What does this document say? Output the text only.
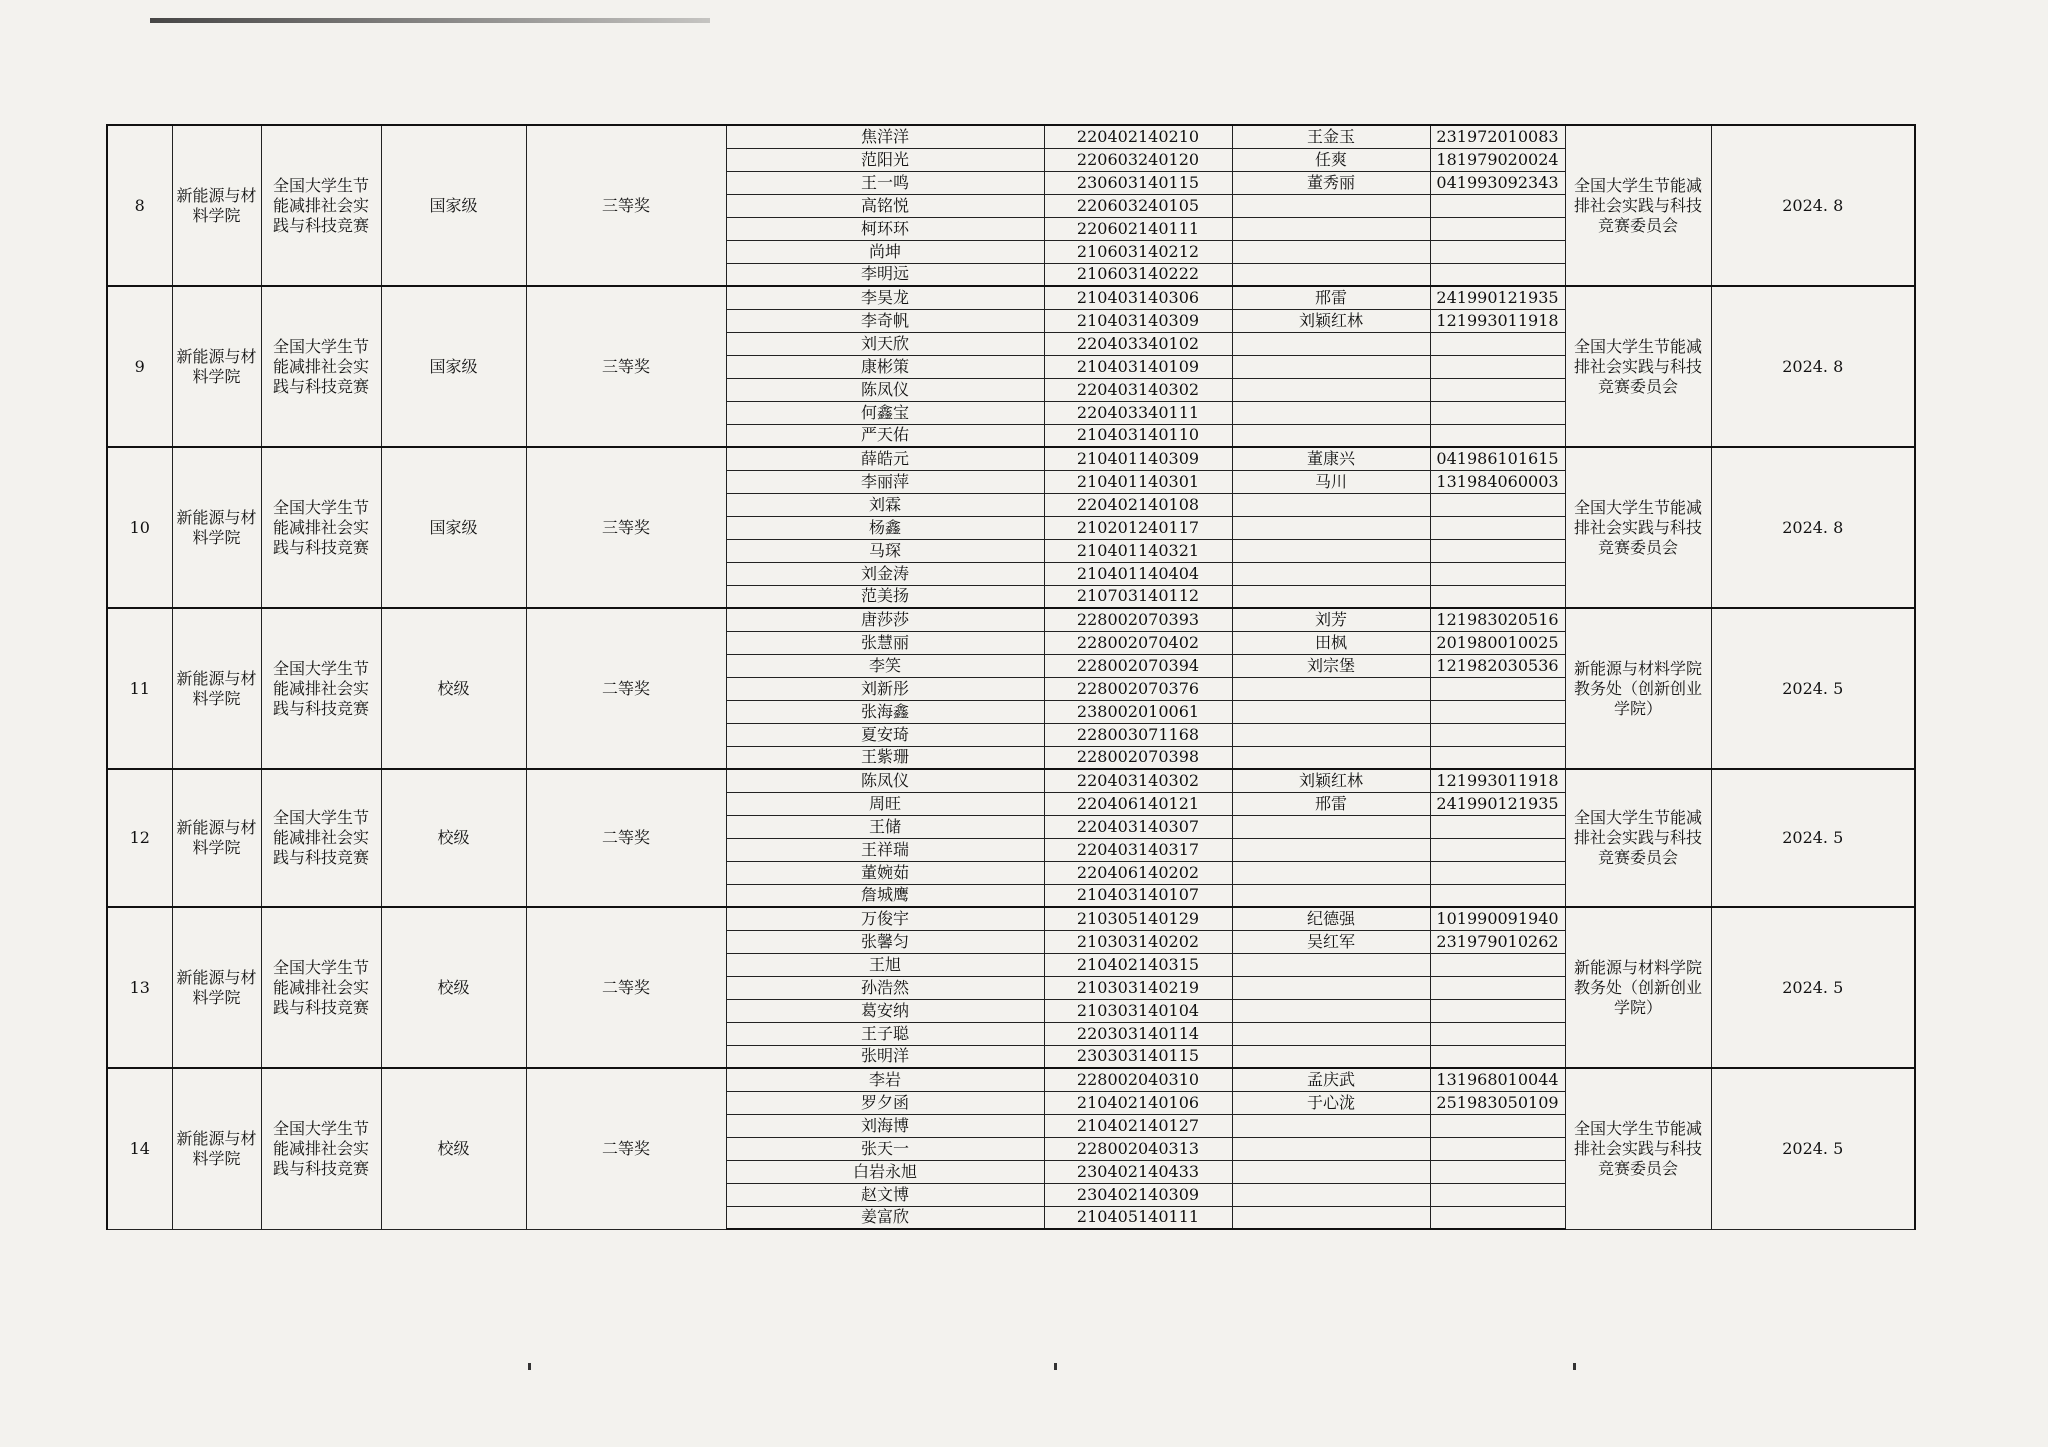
8	新能源与材料学院	全国大学生节能减排社会实践与科技竞赛	国家级	三等奖	焦洋洋	220402140210	王金玉	231972010083	全国大学生节能减排社会实践与科技竞赛委员会	2024. 8
					范阳光	220603240120	任爽	181979020024		
					王一鸣	230603140115	董秀丽	041993092343		
					高铭悦	220603240105				
					柯环环	220602140111				
					尚坤	210603140212				
					李明远	210603140222				
9	新能源与材料学院	全国大学生节能减排社会实践与科技竞赛	国家级	三等奖	李昊龙	210403140306	邢雷	241990121935	全国大学生节能减排社会实践与科技竞赛委员会	2024. 8
					李奇帆	210403140309	刘颖红林	121993011918		
					刘天欣	220403340102				
					康彬策	210403140109				
					陈凤仪	220403140302				
					何鑫宝	220403340111				
					严天佑	210403140110				
10	新能源与材料学院	全国大学生节能减排社会实践与科技竞赛	国家级	三等奖	薛皓元	210401140309	董康兴	041986101615	全国大学生节能减排社会实践与科技竞赛委员会	2024. 8
					李丽萍	210401140301	马川	131984060003		
					刘霖	220402140108				
					杨鑫	210201240117				
					马琛	210401140321				
					刘金涛	210401140404				
					范美扬	210703140112				
11	新能源与材料学院	全国大学生节能减排社会实践与科技竞赛	校级	二等奖	唐莎莎	228002070393	刘芳	121983020516	新能源与材料学院教务处（创新创业学院）	2024. 5
					张慧丽	228002070402	田枫	201980010025		
					李笑	228002070394	刘宗堡	121982030536		
					刘新彤	228002070376				
					张海鑫	238002010061				
					夏安琦	228003071168				
					王紫珊	228002070398				
12	新能源与材料学院	全国大学生节能减排社会实践与科技竞赛	校级	二等奖	陈凤仪	220403140302	刘颖红林	121993011918	全国大学生节能减排社会实践与科技竞赛委员会	2024. 5
					周旺	220406140121	邢雷	241990121935		
					王储	220403140307				
					王祥瑞	220403140317				
					董婉茹	220406140202				
					詹城鹰	210403140107				
13	新能源与材料学院	全国大学生节能减排社会实践与科技竞赛	校级	二等奖	万俊宇	210305140129	纪德强	101990091940	新能源与材料学院教务处（创新创业学院）	2024. 5
					张馨匀	210303140202	吴红军	231979010262		
					王旭	210402140315				
					孙浩然	210303140219				
					葛安纳	210303140104				
					王子聪	220303140114				
					张明洋	230303140115				
14	新能源与材料学院	全国大学生节能减排社会实践与科技竞赛	校级	二等奖	李岩	228002040310	孟庆武	131968010044	全国大学生节能减排社会实践与科技竞赛委员会	2024. 5
					罗夕函	210402140106	于心泷	251983050109		
					刘海博	210402140127				
					张天一	228002040313				
					白岩永旭	230402140433				
					赵文博	230402140309				
					姜富欣	210405140111				
